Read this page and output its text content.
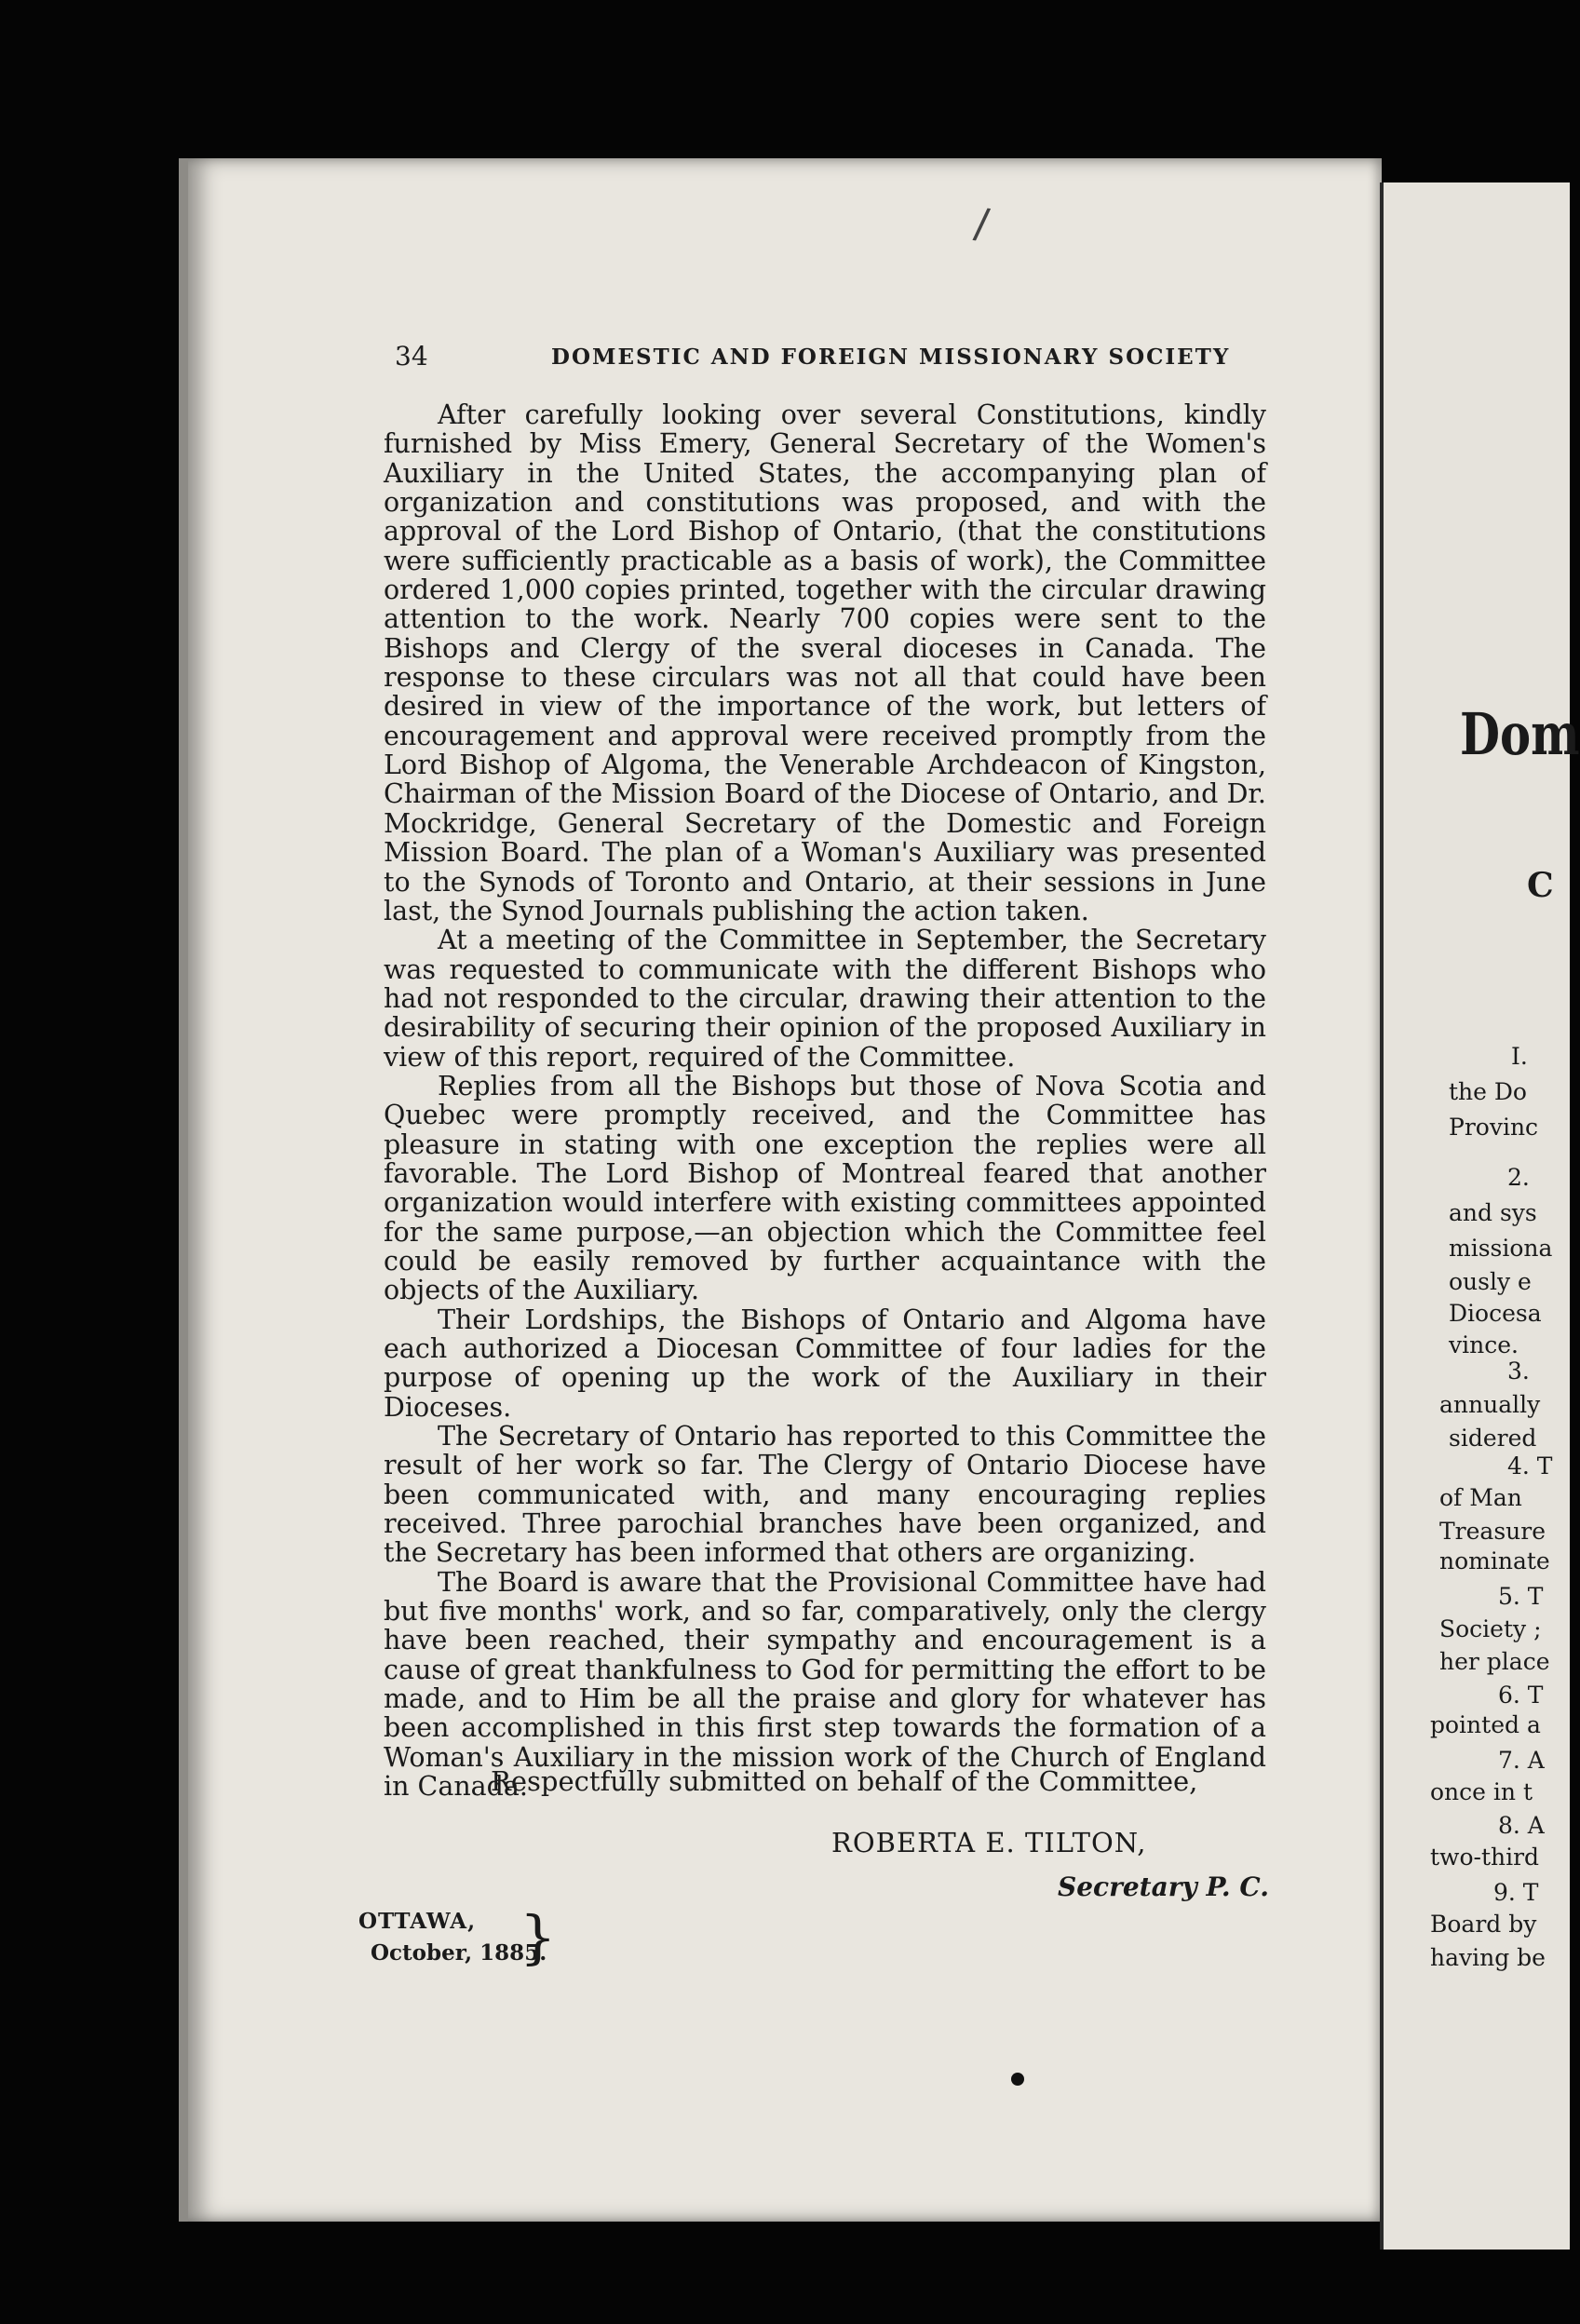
/
34	DOMESTIC AND FOREIGN MISSIONARY SOCIETY

After carefully looking over several Constitutions, kindly furnished by Miss Emery, General Secretary of the Women's Auxiliary in the United States, the accompanying plan of organization and constitutions was proposed, and with the approval of the Lord Bishop of Ontario, (that the constitutions were sufficiently practicable as a basis of work), the Committee ordered 1,000 copies printed, together with the circular drawing attention to the work. Nearly 700 copies were sent to the Bishops and Clergy of the sveral dioceses in Canada. The response to these circulars was not all that could have been desired in view of the importance of the work, but letters of encouragement and approval were received promptly from the Lord Bishop of Algoma, the Venerable Archdeacon of Kingston, Chairman of the Mission Board of the Diocese of Ontario, and Dr. Mockridge, General Secretary of the Domestic and Foreign Mission Board. The plan of a Woman's Auxiliary was presented to the Synods of Toronto and Ontario, at their sessions in June last, the Synod Journals publishing the action taken.

At a meeting of the Committee in September, the Secretary was requested to communicate with the different Bishops who had not responded to the circular, drawing their attention to the desirability of securing their opinion of the proposed Auxiliary in view of this report, required of the Committee.

Replies from all the Bishops but those of Nova Scotia and Quebec were promptly received, and the Committee has pleasure in stating with one exception the replies were all favorable. The Lord Bishop of Montreal feared that another organization would interfere with existing committees appointed for the same purpose,—an objection which the Committee feel could be easily removed by further acquaintance with the objects of the Auxiliary.

Their Lordships, the Bishops of Ontario and Algoma have each authorized a Diocesan Committee of four ladies for the purpose of opening up the work of the Auxiliary in their Dioceses.

The Secretary of Ontario has reported to this Committee the result of her work so far. The Clergy of Ontario Diocese have been communicated with, and many encouraging replies received. Three parochial branches have been organized, and the Secretary has been informed that others are organizing.

The Board is aware that the Provisional Committee have had but five months' work, and so far, comparatively, only the clergy have been reached, their sympathy and encouragement is a cause of great thankfulness to God for permitting the effort to be made, and to Him be all the praise and glory for whatever has been accomplished in this first step towards the formation of a Woman's Auxiliary in the mission work of the Church of England in Canada.

Respectfully submitted on behalf of the Committee,
ROBERTA E. TILTON,
Secretary P. C.
OTTAWA,
October, 1885.
}
Dom
C
I.
the Do
Provinc
2.
and sys
missiona
ously e
Diocesa
vince.
3.
annually
sidered
4. T
of Man
Treasure
nominate
5. T
Society ;
her place
6. T
pointed a
7. A
once in t
8. A
two-third
9. T
Board by
having be
